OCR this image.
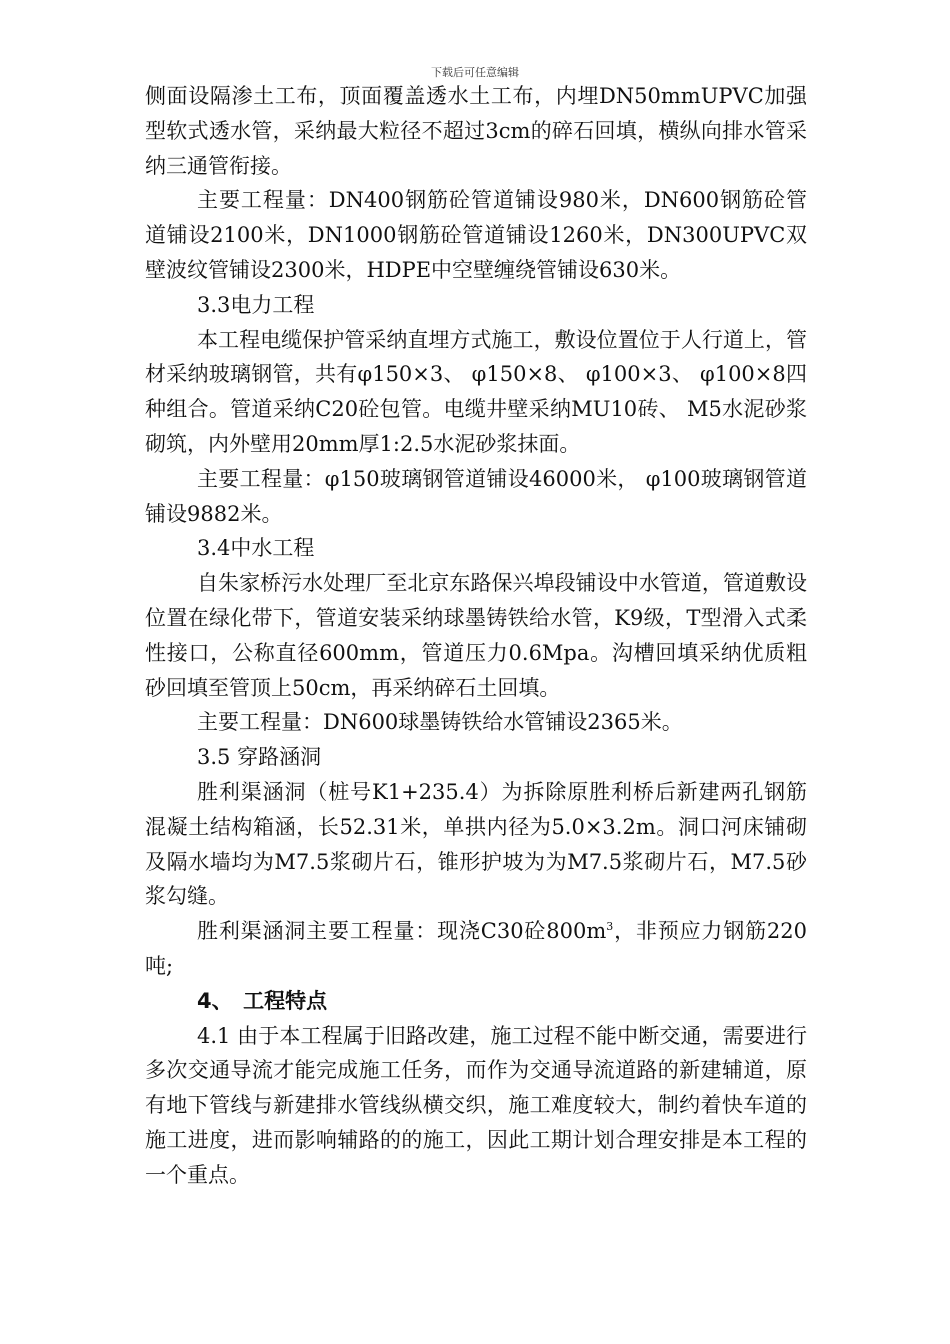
下载后可任意编辑

侧面设隔渗土工布，顶面覆盖透水土工布，内埋DN50mmUPVC加强型软式透水管，采纳最大粒径不超过3cm的碎石回填，横纵向排水管采纳三通管衔接。

主要工程量：DN400钢筋砼管道铺设980米，DN600钢筋砼管道铺设2100米，DN1000钢筋砼管道铺设1260米，DN300UPVC双壁波纹管铺设2300米，HDPE中空壁缠绕管铺设630米。

3.3电力工程

本工程电缆保护管采纳直埋方式施工，敷设位置位于人行道上，管材采纳玻璃钢管，共有φ150×3、 φ150×8、 φ100×3、 φ100×8四种组合。管道采纳C20砼包管。电缆井壁采纳MU10砖、 M5水泥砂浆砌筑，内外壁用20mm厚1:2.5水泥砂浆抹面。

主要工程量：φ150玻璃钢管道铺设46000米， φ100玻璃钢管道铺设9882米。

3.4中水工程

自朱家桥污水处理厂至北京东路保兴埠段铺设中水管道，管道敷设位置在绿化带下，管道安装采纳球墨铸铁给水管，K9级，T型滑入式柔性接口，公称直径600mm，管道压力0.6Mpa。沟槽回填采纳优质粗砂回填至管顶上50cm，再采纳碎石土回填。

主要工程量：DN600球墨铸铁给水管铺设2365米。

3.5 穿路涵洞

胜利渠涵洞（桩号K1+235.4）为拆除原胜利桥后新建两孔钢筋混凝土结构箱涵，长52.31米，单拱内径为5.0×3.2m。洞口河床铺砌及隔水墙均为M7.5浆砌片石，锥形护坡为为M7.5浆砌片石，M7.5砂浆勾缝。

胜利渠涵洞主要工程量：现浇C30砼$800m^3$，非预应力钢筋220吨;

4、　工程特点

4.1 由于本工程属于旧路改建，施工过程不能中断交通，需要进行多次交通导流才能完成施工任务，而作为交通导流道路的新建辅道，原有地下管线与新建排水管线纵横交织，施工难度较大，制约着快车道的施工进度，进而影响辅路的的施工，因此工期计划合理安排是本工程的一个重点。
